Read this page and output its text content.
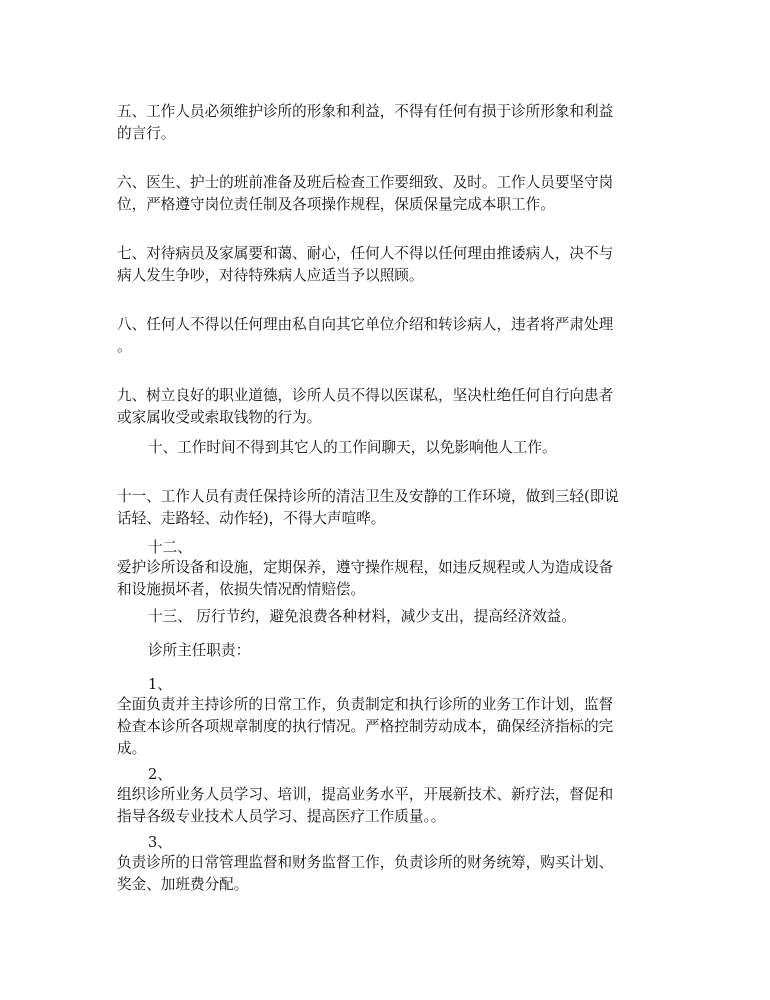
五、工作人员必须维护诊所的形象和利益，不得有任何有损于诊所形象和利益
的言行。
六、医生、护士的班前准备及班后检查工作要细致、及时。工作人员要坚守岗
位，严格遵守岗位责任制及各项操作规程，保质保量完成本职工作。
七、对待病员及家属要和蔼、耐心，任何人不得以任何理由推诿病人，决不与
病人发生争吵，对待特殊病人应适当予以照顾。
八、任何人不得以任何理由私自向其它单位介绍和转诊病人，违者将严肃处理
。
九、树立良好的职业道德，诊所人员不得以医谋私，坚决杜绝任何自行向患者
或家属收受或索取钱物的行为。
十、工作时间不得到其它人的工作间聊天，以免影响他人工作。
十一、工作人员有责任保持诊所的清洁卫生及安静的工作环境，做到三轻(即说
话轻、走路轻、动作轻)，不得大声喧哗。
十二、
爱护诊所设备和设施，定期保养，遵守操作规程，如违反规程或人为造成设备
和设施损坏者，依损失情况酌情赔偿。
十三、 厉行节约，避免浪费各种材料，减少支出，提高经济效益。
诊所主任职责：
1、
全面负责并主持诊所的日常工作，负责制定和执行诊所的业务工作计划，监督
检查本诊所各项规章制度的执行情况。严格控制劳动成本，确保经济指标的完
成。
2、
组织诊所业务人员学习、培训，提高业务水平，开展新技术、新疗法，督促和
指导各级专业技术人员学习、提高医疗工作质量。。
3、
负责诊所的日常管理监督和财务监督工作，负责诊所的财务统筹，购买计划、
奖金、加班费分配。
